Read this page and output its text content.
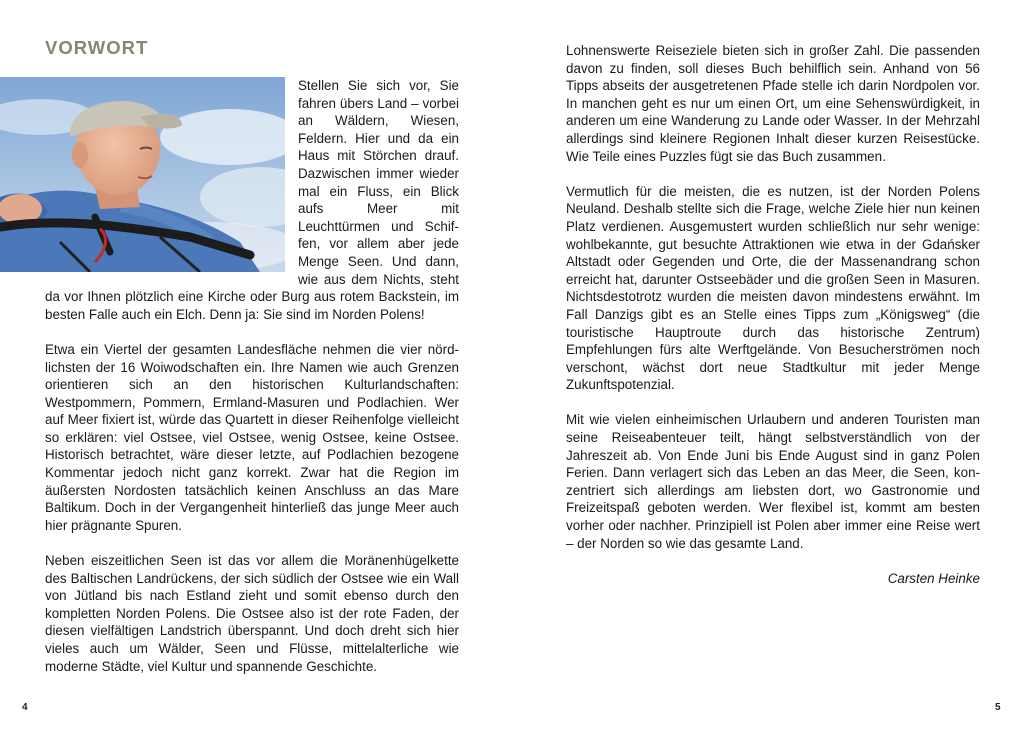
VORWORT

Stellen Sie sich vor, Sie fahren übers Land – vorbei an Wäldern, Wiesen, Feldern. Hier und da ein Haus mit Störchen drauf. Dazwischen immer wieder mal ein Fluss, ein Blick aufs Meer mit Leuchttürmen und Schiffen, vor allem aber jede Menge Seen. Und dann, wie aus dem Nichts, steht da vor Ihnen plötzlich eine Kirche oder Burg aus rotem Backstein, im besten Falle auch ein Elch. Denn ja: Sie sind im Norden Polens!

Etwa ein Viertel der gesamten Landesfläche nehmen die vier nördlichsten der 16 Woiwodschaften ein. Ihre Namen wie auch Grenzen orientieren sich an den historischen Kulturlandschaften: Westpommern, Pommern, Ermland-Masuren und Podlachien. Wer auf Meer fixiert ist, würde das Quartett in dieser Reihenfolge vielleicht so erklären: viel Ostsee, viel Ostsee, wenig Ostsee, keine Ostsee. Historisch betrachtet, wäre dieser letzte, auf Podlachien bezogene Kommentar jedoch nicht ganz korrekt. Zwar hat die Region im äußersten Nordosten tatsächlich keinen Anschluss an das Mare Baltikum. Doch in der Vergangenheit hinterließ das junge Meer auch hier prägnante Spuren.

Neben eiszeitlichen Seen ist das vor allem die Moränenhügelkette des Baltischen Landrückens, der sich südlich der Ostsee wie ein Wall von Jütland bis nach Estland zieht und somit ebenso durch den kompletten Norden Polens. Die Ostsee also ist der rote Faden, der diesen vielfältigen Landstrich überspannt. Und doch dreht sich hier vieles auch um Wälder, Seen und Flüsse, mittelalterliche wie moderne Städte, viel Kultur und spannende Geschichte.

4

Lohnenswerte Reiseziele bieten sich in großer Zahl. Die passenden davon zu finden, soll dieses Buch behilflich sein. Anhand von 56 Tipps abseits der ausgetretenen Pfade stelle ich darin Nordpolen vor. In manchen geht es nur um einen Ort, um eine Sehenswürdigkeit, in anderen um eine Wanderung zu Lande oder Wasser. In der Mehrzahl allerdings sind kleinere Regionen Inhalt dieser kurzen Reisestücke. Wie Teile eines Puzzles fügt sie das Buch zusammen.

Vermutlich für die meisten, die es nutzen, ist der Norden Polens Neuland. Deshalb stellte sich die Frage, welche Ziele hier nun keinen Platz verdienen. Ausgemustert wurden schließlich nur sehr wenige: wohlbekannte, gut besuchte Attraktionen wie etwa in der Gdańsker Altstadt oder Gegenden und Orte, die der Massenandrang schon erreicht hat, darunter Ostseebäder und die großen Seen in Masuren. Nichtsdestotrotz wurden die meisten davon mindestens erwähnt. Im Fall Danzigs gibt es an Stelle eines Tipps zum „Königsweg“ (die touristische Hauptroute durch das historische Zentrum) Empfehlungen fürs alte Werftgelände. Von Besucherströmen noch verschont, wächst dort neue Stadtkultur mit jeder Menge Zukunftspotenzial.

Mit wie vielen einheimischen Urlaubern und anderen Touristen man seine Reiseabenteuer teilt, hängt selbstverständlich von der Jahreszeit ab. Von Ende Juni bis Ende August sind in ganz Polen Ferien. Dann verlagert sich das Leben an das Meer, die Seen, konzentriert sich allerdings am liebsten dort, wo Gastronomie und Freizeitspaß geboten werden. Wer flexibel ist, kommt am besten vorher oder nachher. Prinzipiell ist Polen aber immer eine Reise wert – der Norden so wie das gesamte Land.

Carsten Heinke
5
